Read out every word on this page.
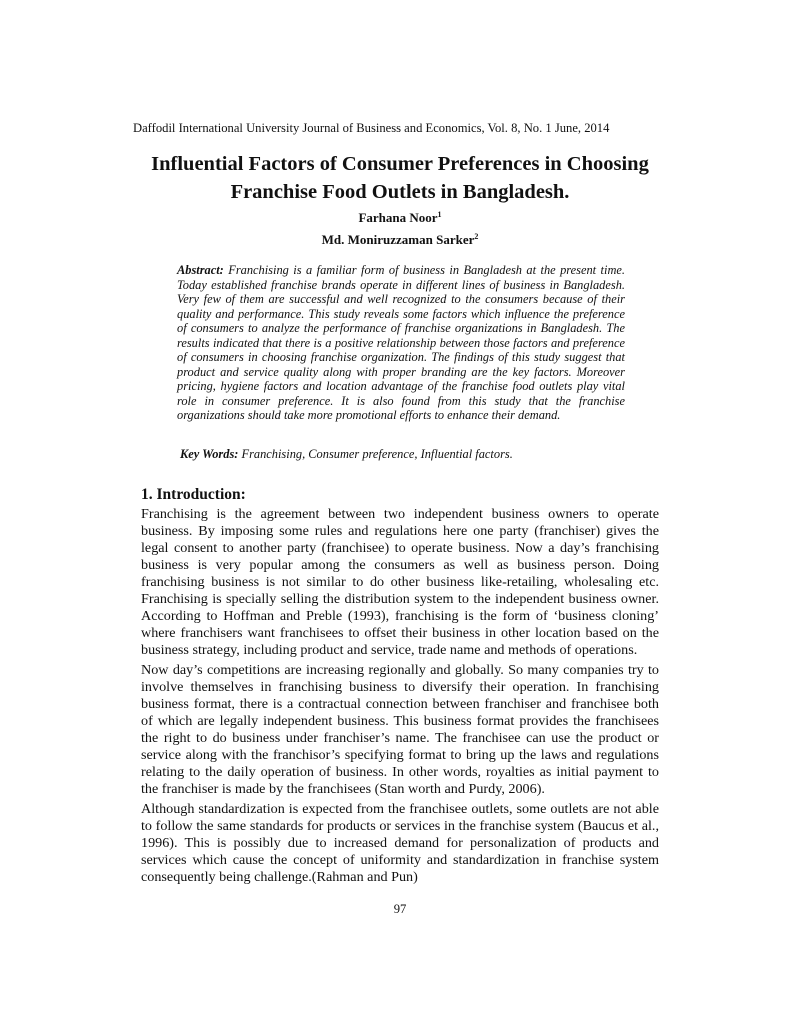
Daffodil International University Journal of Business and Economics, Vol. 8, No. 1 June, 2014
Influential Factors of Consumer Preferences in Choosing
Franchise Food Outlets in Bangladesh.
Farhana Noor$^1$
Md. Moniruzzaman Sarker$^2$

Abstract: Franchising is a familiar form of business in Bangladesh at the present time. Today established franchise brands operate in different lines of business in Bangladesh. Very few of them are successful and well recognized to the consumers because of their quality and performance. This study reveals some factors which influence the preference of consumers to analyze the performance of franchise organizations in Bangladesh. The results indicated that there is a positive relationship between those factors and preference of consumers in choosing franchise organization. The findings of this study suggest that product and service quality along with proper branding are the key factors. Moreover pricing, hygiene factors and location advantage of the franchise food outlets play vital role in consumer preference. It is also found from this study that the franchise organizations should take more promotional efforts to enhance their demand.

Key Words: Franchising, Consumer preference, Influential factors.
1. Introduction:

Franchising is the agreement between two independent business owners to operate business. By imposing some rules and regulations here one party (franchiser) gives the legal consent to another party (franchisee) to operate business. Now a day’s franchising business is very popular among the consumers as well as business person. Doing franchising business is not similar to do other business like-retailing, wholesaling etc. Franchising is specially selling the distribution system to the independent business owner. According to Hoffman and Preble (1993), franchising is the form of ‘business cloning’ where franchisers want franchisees to offset their business in other location based on the business strategy, including product and service, trade name and methods of operations.

Now day’s competitions are increasing regionally and globally. So many companies try to involve themselves in franchising business to diversify their operation. In franchising business format, there is a contractual connection between franchiser and franchisee both of which are legally independent business. This business format provides the franchisees the right to do business under franchiser’s name. The franchisee can use the product or service along with the franchisor’s specifying format to bring up the laws and regulations relating to the daily operation of business. In other words, royalties as initial payment to the franchiser is made by the franchisees (Stan worth and Purdy, 2006).

Although standardization is expected from the franchisee outlets, some outlets are not able to follow the same standards for products or services in the franchise system (Baucus et al., 1996). This is possibly due to increased demand for personalization of products and services which cause the concept of uniformity and standardization in franchise system consequently being challenge.(Rahman and Pun)

97
